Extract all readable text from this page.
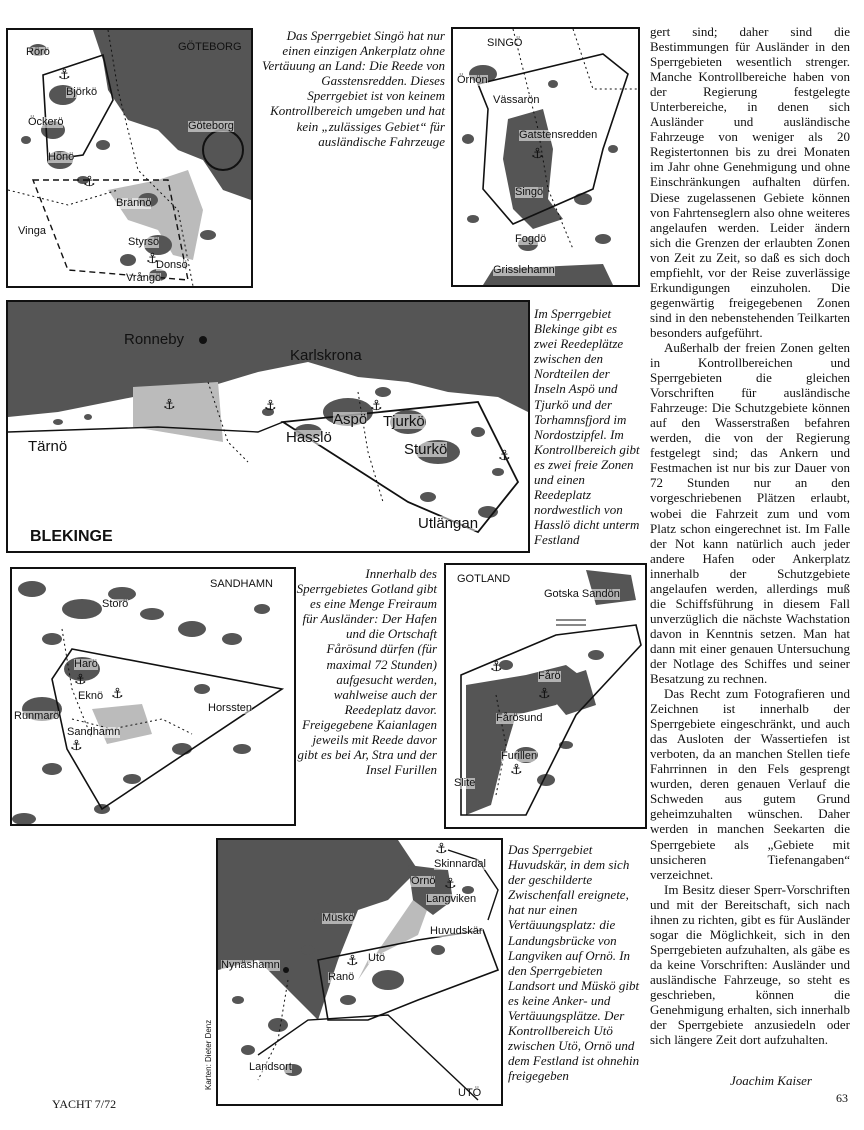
GÖTEBORG
Rörö
Björkö
Öckerö
Hönö
Göteborg
Brännö
Vinga
Styrsö
Donsö
Vrångö
⚓
⚓
⚓

Das Sperrgebiet Singö hat nur einen einzigen Ankerplatz ohne Vertäuung an Land: Die Reede von Gasstensredden. Dieses Sperrgebiet ist von keinem Kontrollbereich umgeben und hat kein „zulässiges Gebiet“ für ausländische Fahrzeuge

SINGÖ
Örnön
Vässarön
Gatstensredden
Singö
Fogdö
Grisslehamn
⚓
Ronneby
Karlskrona
Tärnö
Aspö Tjurkö
Hasslö
Sturkö
Utlängan
BLEKINGE
⚓	⚓	⚓
⚓

Im Sperrgebiet Blekinge gibt es zwei Reedeplätze zwischen den Nordteilen der Inseln Aspö und Tjurkö und der Torhamnsfjord im Nordostzipfel. Im Kontrollbereich gibt es zwei freie Zonen und einen Reedeplatz nordwestlich von Hasslö dicht unterm Festland

SANDHAMN
Storö
Harö
Eknö
Runmarö
Sandhamn
Horssten
⚓
⚓
⚓

Innerhalb des Sperrgebietes Gotland gibt es eine Menge Freiraum für Ausländer: Der Hafen und die Ortschaft Fårösund dürfen (für maximal 72 Stunden) aufgesucht werden, wahlweise auch der Reedeplatz davor. Freigegebene Kaianlagen jeweils mit Reede davor gibt es bei Ar, Stra und der Insel Furillen

GOTLAND
Gotska Sandön
Fårö
Fårösund
Furillen
Slite
⚓
⚓
⚓
Karten: Dieter Denz
Skinnardal
Ornö
Langviken
Huvudskär
Müskö
Nynäshamn
Ranö
Utö
Landsort
UTÖ
⚓
⚓
⚓

Das Sperrgebiet Huvudskär, in dem sich der geschilderte Zwischenfall ereignete, hat nur einen Vertäuungsplatz: die Landungsbrücke von Langviken auf Ornö. In den Sperrgebieten Landsort und Müskö gibt es keine Anker- und Vertäuungsplätze. Der Kontrollbereich Utö zwischen Utö, Ornö und dem Festland ist ohnehin freigegeben

gert sind; daher sind die Bestimmungen für Ausländer in den Sperrgebieten wesentlich strenger. Manche Kontrollbereiche haben von der Regierung festgelegte Unterbereiche, in denen sich Ausländer und ausländische Fahrzeuge von weniger als 20 Registertonnen bis zu drei Monaten im Jahr ohne Genehmigung und ohne Einschränkungen aufhalten dürfen. Diese zugelassenen Gebiete können von Fahrtenseglern also ohne weiteres angelaufen werden. Leider ändern sich die Grenzen der erlaubten Zonen von Zeit zu Zeit, so daß es sich doch empfiehlt, vor der Reise zuverlässige Erkundigungen einzuholen. Die gegenwärtig freigegebenen Zonen sind in den nebenstehenden Teilkarten besonders aufgeführt.

Außerhalb der freien Zonen gelten in Kontrollbereichen und Sperrgebieten die gleichen Vorschriften für ausländische Fahrzeuge: Die Schutzgebiete können auf den Wasserstraßen befahren werden, die von der Regierung festgelegt sind; das Ankern und Festmachen ist nur bis zur Dauer von 72 Stunden nur an den vorgeschriebenen Plätzen erlaubt, wobei die Fahrzeit zum und vom Platz schon eingerechnet ist. Im Falle der Not kann natürlich auch jeder andere Hafen oder Ankerplatz innerhalb der Schutzgebiete angelaufen werden, allerdings muß die Schiffsführung in diesem Fall unverzüglich die nächste Wachstation davon in Kenntnis setzen. Man hat dann mit einer genauen Untersuchung der Notlage des Schiffes und seiner Besatzung zu rechnen.

Das Recht zum Fotografieren und Zeichnen ist innerhalb der Sperrgebiete eingeschränkt, und auch das Ausloten der Wassertiefen ist verboten, da an manchen Stellen tiefe Fahrrinnen in den Fels gesprengt wurden, deren genauen Verlauf die Schweden aus gutem Grund geheimzuhalten wünschen. Daher werden in manchen Seekarten die Sperrgebiete als „Gebiete mit unsicheren Tiefenangaben“ verzeichnet.

Im Besitz dieser Sperr-Vorschriften und mit der Bereitschaft, sich nach ihnen zu richten, gibt es für Ausländer sogar die Möglichkeit, sich in den Sperrgebieten aufzuhalten, als gäbe es da keine Vorschriften: Ausländer und ausländische Fahrzeuge, so steht es geschrieben, können die Genehmigung erhalten, sich innerhalb der Sperrgebiete anzusiedeln oder sich längere Zeit dort aufzuhalten.

Joachim Kaiser
YACHT 7/72	63
